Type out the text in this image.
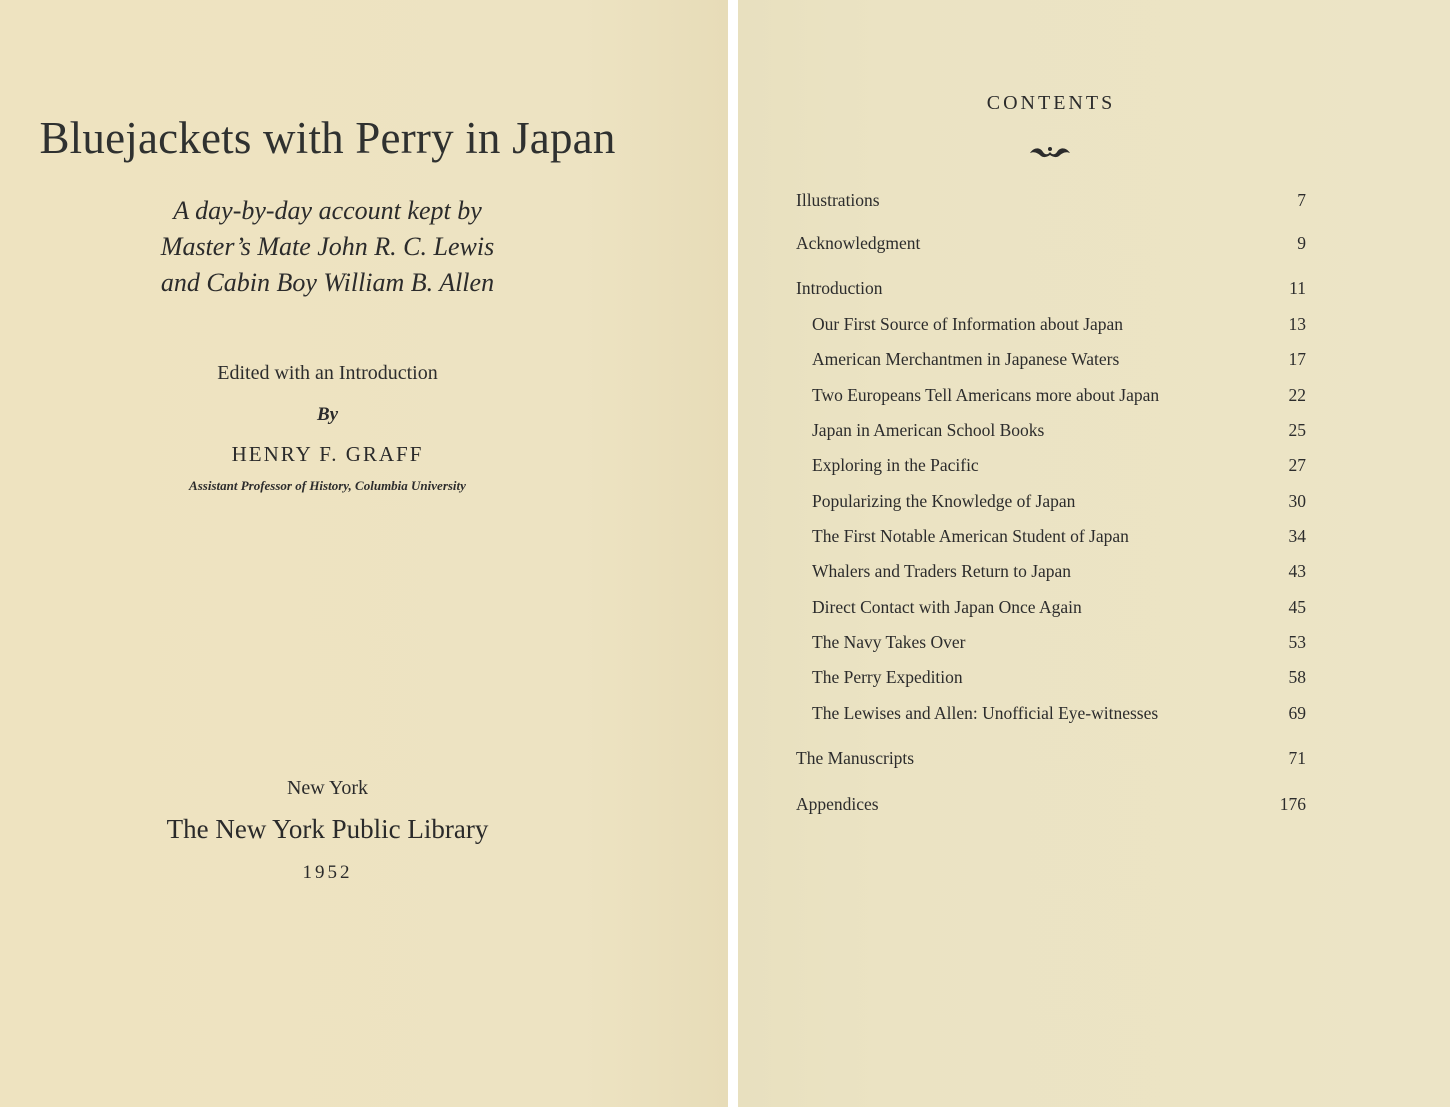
Bluejackets with Perry in Japan
A day-by-day account kept by
Master’s Mate John R. C. Lewis
and Cabin Boy William B. Allen
Edited with an Introduction
By
HENRY F. GRAFF
Assistant Professor of History, Columbia University
New York
The New York Public Library
1952
CONTENTS
Illustrations	7
Acknowledgment	9
Introduction	11
Our First Source of Information about Japan	13
American Merchantmen in Japanese Waters	17
Two Europeans Tell Americans more about Japan	22
Japan in American School Books	25
Exploring in the Pacific	27
Popularizing the Knowledge of Japan	30
The First Notable American Student of Japan	34
Whalers and Traders Return to Japan	43
Direct Contact with Japan Once Again	45
The Navy Takes Over	53
The Perry Expedition	58
The Lewises and Allen: Unofficial Eye-witnesses	69
The Manuscripts	71
Appendices	176
